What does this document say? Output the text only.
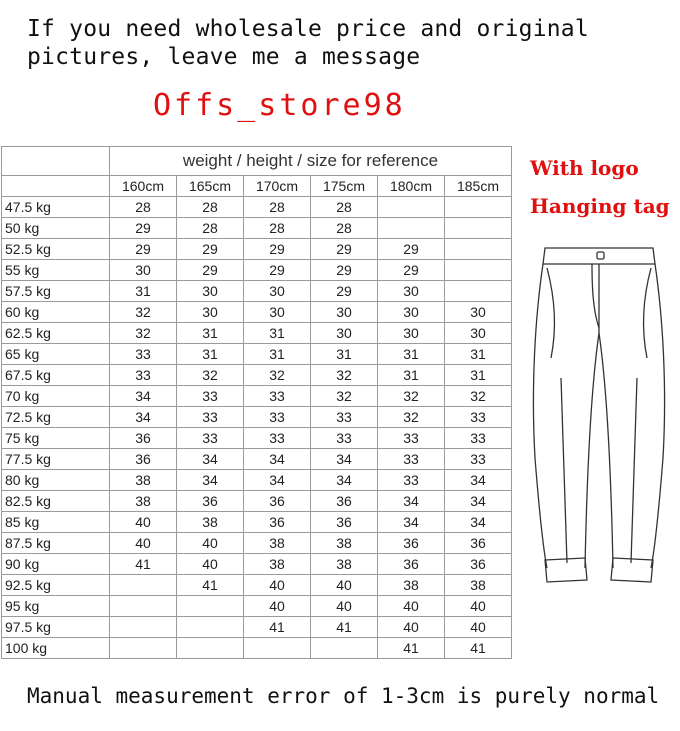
If you need wholesale price and original
pictures, leave me a message
Offs_store98
	weight / height / size for reference					
	160cm	165cm	170cm	175cm	180cm	185cm
47.5 kg	28	28	28	28		
50 kg	29	28	28	28		
52.5 kg	29	29	29	29	29	
55 kg	30	29	29	29	29	
57.5 kg	31	30	30	29	30	
60 kg	32	30	30	30	30	30
62.5 kg	32	31	31	30	30	30
65 kg	33	31	31	31	31	31
67.5 kg	33	32	32	32	31	31
70 kg	34	33	33	32	32	32
72.5 kg	34	33	33	33	32	33
75 kg	36	33	33	33	33	33
77.5 kg	36	34	34	34	33	33
80 kg	38	34	34	34	33	34
82.5 kg	38	36	36	36	34	34
85 kg	40	38	36	36	34	34
87.5 kg	40	40	38	38	36	36
90 kg	41	40	38	38	36	36
92.5 kg		41	40	40	38	38
95 kg			40	40	40	40
97.5 kg			41	41	40	40
100 kg					41	41
With logo
Hanging tag
Manual measurement error of 1-3cm is purely normal
